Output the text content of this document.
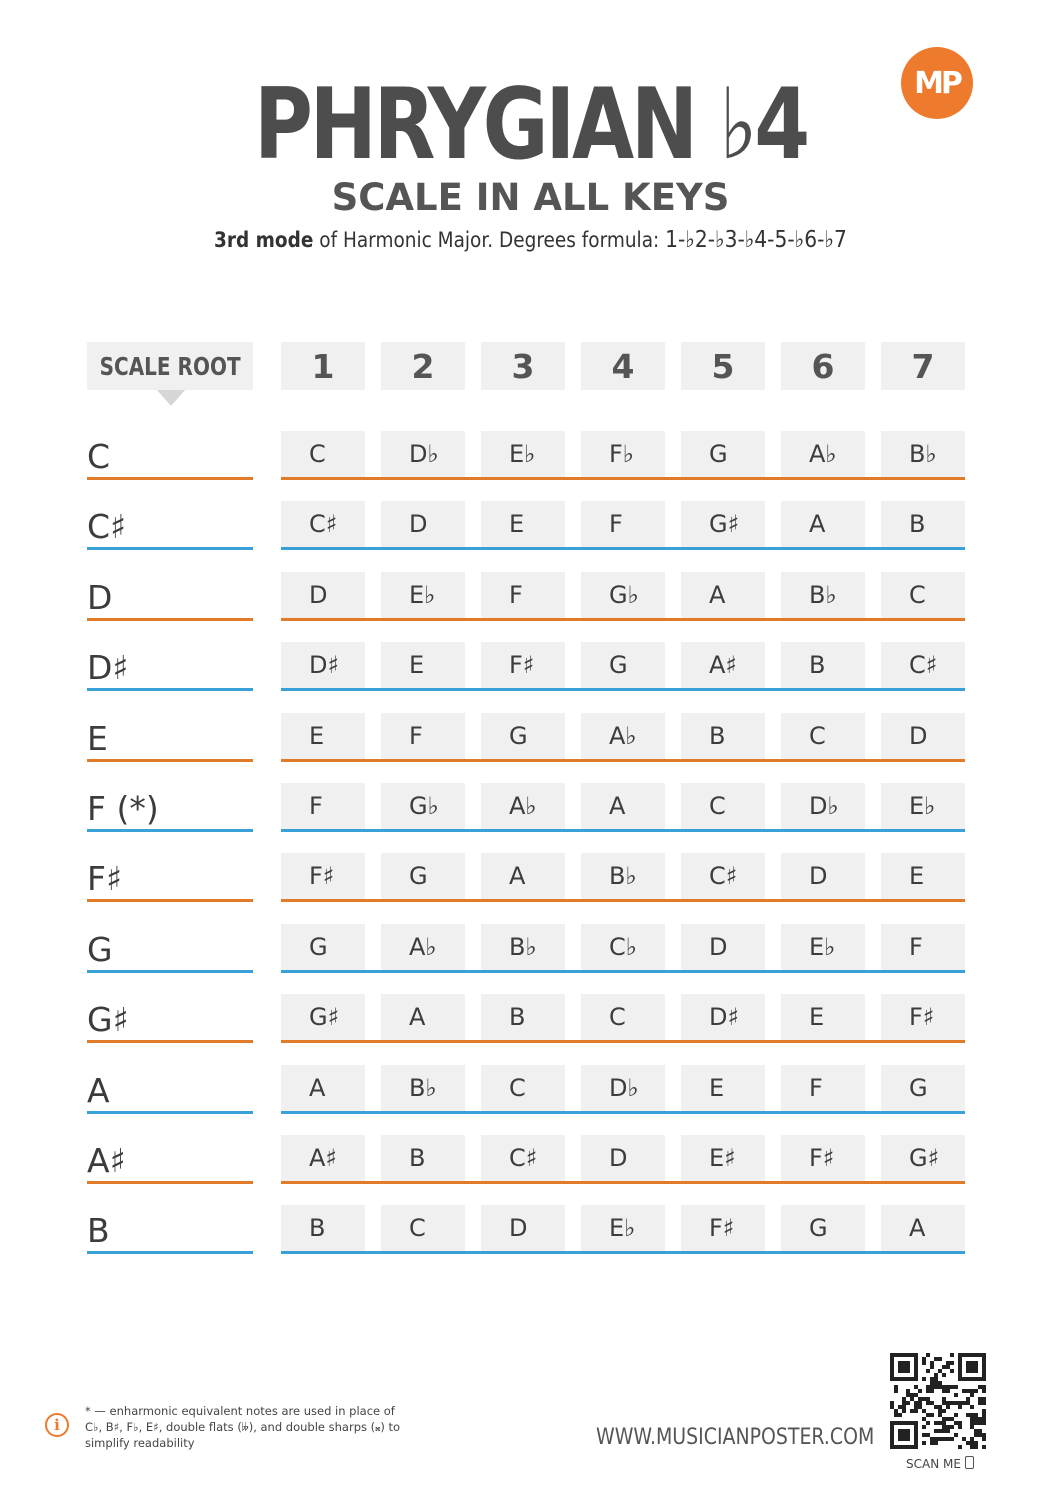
MP
PHRYGIAN ♭4
SCALE IN ALL KEYS
3rd mode of Harmonic Major. Degrees formula: 1-♭2-♭3-♭4-5-♭6-♭7
SCALE ROOT	1	2	3	4	5	6	7
C	C	D♭	E♭	F♭	G	A♭	B♭
C♯	C♯	D	E	F	G♯	A	B
D	D	E♭	F	G♭	A	B♭	C
D♯	D♯	E	F♯	G	A♯	B	C♯
E	E	F	G	A♭	B	C	D
F (*)	F	G♭	A♭	A	C	D♭	E♭
F♯	F♯	G	A	B♭	C♯	D	E
G	G	A♭	B♭	C♭	D	E♭	F
G♯	G♯	A	B	C	D♯	E	F♯
A	A	B♭	C	D♭	E	F	G
A♯	A♯	B	C♯	D	E♯	F♯	G♯
B	B	C	D	E♭	F♯	G	A
i
* — enharmonic equivalent notes are used in place of C♭, B♯, F♭, E♯, double flats (𝄫), and double sharps (𝄪) to simplify readability	WWW.MUSICIANPOSTER.COM
SCAN ME
